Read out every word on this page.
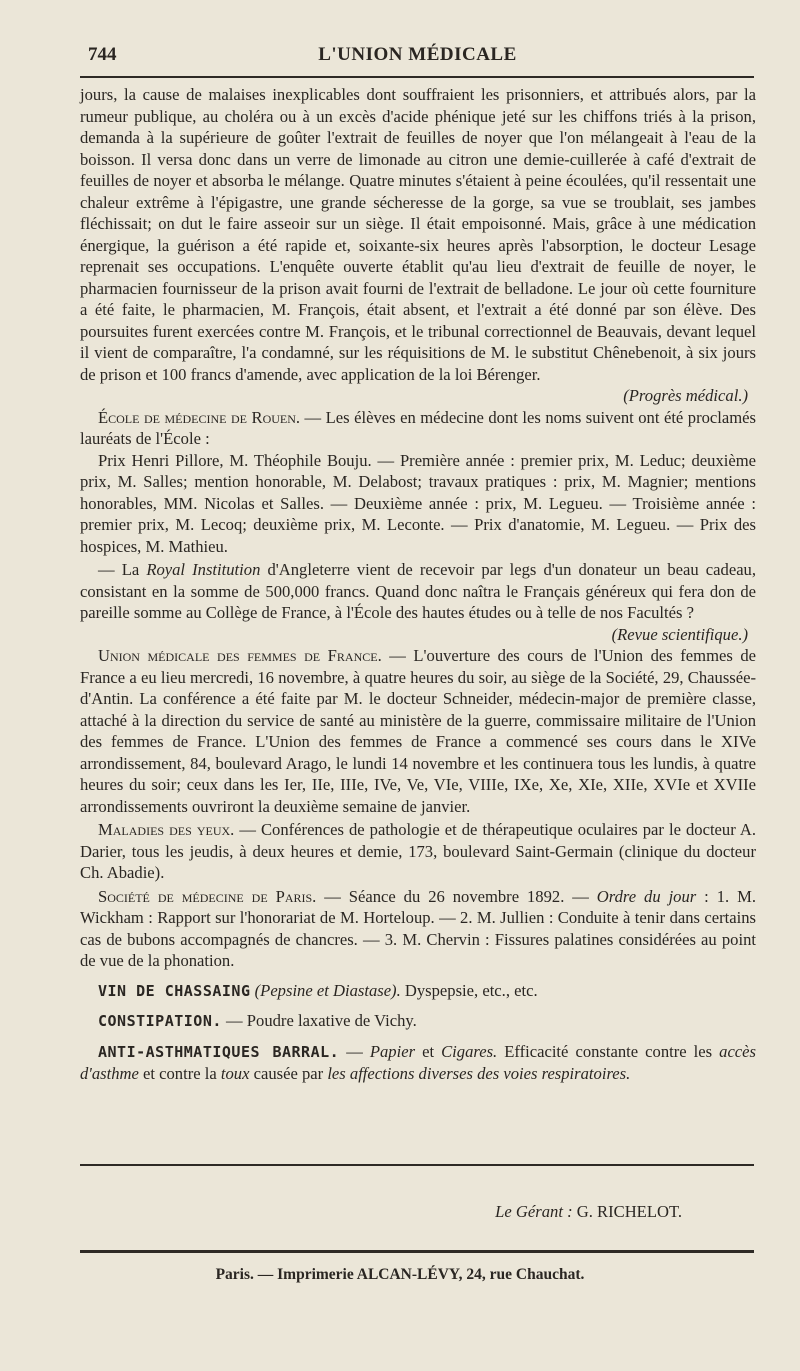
744	L'UNION MÉDICALE

jours, la cause de malaises inexplicables dont souffraient les prisonniers, et attribués alors, par la rumeur publique, au choléra ou à un excès d'acide phénique jeté sur les chiffons triés à la prison, demanda à la supérieure de goûter l'extrait de feuilles de noyer que l'on mélangeait à l'eau de la boisson. Il versa donc dans un verre de limonade au citron une demie-cuillerée à café d'extrait de feuilles de noyer et absorba le mélange. Quatre minutes s'étaient à peine écoulées, qu'il ressentait une chaleur extrême à l'épigastre, une grande sécheresse de la gorge, sa vue se troublait, ses jambes fléchissait; on dut le faire asseoir sur un siège. Il était empoisonné. Mais, grâce à une médication énergique, la guérison a été rapide et, soixante-six heures après l'absorption, le docteur Lesage reprenait ses occupations. L'enquête ouverte établit qu'au lieu d'extrait de feuille de noyer, le pharmacien fournisseur de la prison avait fourni de l'extrait de belladone. Le jour où cette fourniture a été faite, le pharmacien, M. François, était absent, et l'extrait a été donné par son élève. Des poursuites furent exercées contre M. François, et le tribunal correctionnel de Beauvais, devant lequel il vient de comparaître, l'a condamné, sur les réquisitions de M. le substitut Chênebenoit, à six jours de prison et 100 francs d'amende, avec application de la loi Bérenger.

(Progrès médical.)

École de médecine de Rouen. — Les élèves en médecine dont les noms suivent ont été proclamés lauréats de l'École :

Prix Henri Pillore, M. Théophile Bouju. — Première année : premier prix, M. Leduc; deuxième prix, M. Salles; mention honorable, M. Delabost; travaux pratiques : prix, M. Magnier; mentions honorables, MM. Nicolas et Salles. — Deuxième année : prix, M. Legueu. — Troisième année : premier prix, M. Lecoq; deuxième prix, M. Leconte. — Prix d'anatomie, M. Legueu. — Prix des hospices, M. Mathieu.

— La Royal Institution d'Angleterre vient de recevoir par legs d'un donateur un beau cadeau, consistant en la somme de 500,000 francs. Quand donc naîtra le Français généreux qui fera don de pareille somme au Collège de France, à l'École des hautes études ou à telle de nos Facultés ?

(Revue scientifique.)

Union médicale des femmes de France. — L'ouverture des cours de l'Union des femmes de France a eu lieu mercredi, 16 novembre, à quatre heures du soir, au siège de la Société, 29, Chaussée-d'Antin. La conférence a été faite par M. le docteur Schneider, médecin-major de première classe, attaché à la direction du service de santé au ministère de la guerre, commissaire militaire de l'Union des femmes de France. L'Union des femmes de France a commencé ses cours dans le XIVe arrondissement, 84, boulevard Arago, le lundi 14 novembre et les continuera tous les lundis, à quatre heures du soir; ceux dans les Ier, IIe, IIIe, IVe, Ve, VIe, VIIIe, IXe, Xe, XIe, XIIe, XVIe et XVIIe arrondissements ouvriront la deuxième semaine de janvier.

Maladies des yeux. — Conférences de pathologie et de thérapeutique oculaires par le docteur A. Darier, tous les jeudis, à deux heures et demie, 173, boulevard Saint-Germain (clinique du docteur Ch. Abadie).

Société de médecine de Paris. — Séance du 26 novembre 1892. — Ordre du jour : 1. M. Wickham : Rapport sur l'honorariat de M. Horteloup. — 2. M. Jullien : Conduite à tenir dans certains cas de bubons accompagnés de chancres. — 3. M. Chervin : Fissures palatines considérées au point de vue de la phonation.

VIN DE CHASSAING (Pepsine et Diastase). Dyspepsie, etc., etc.

CONSTIPATION. — Poudre laxative de Vichy.

ANTI-ASTHMATIQUES BARRAL. — Papier et Cigares. Efficacité constante contre les accès d'asthme et contre la toux causée par les affections diverses des voies respiratoires.

Le Gérant : G. RICHELOT.
Paris. — Imprimerie ALCAN-LÉVY, 24, rue Chauchat.
